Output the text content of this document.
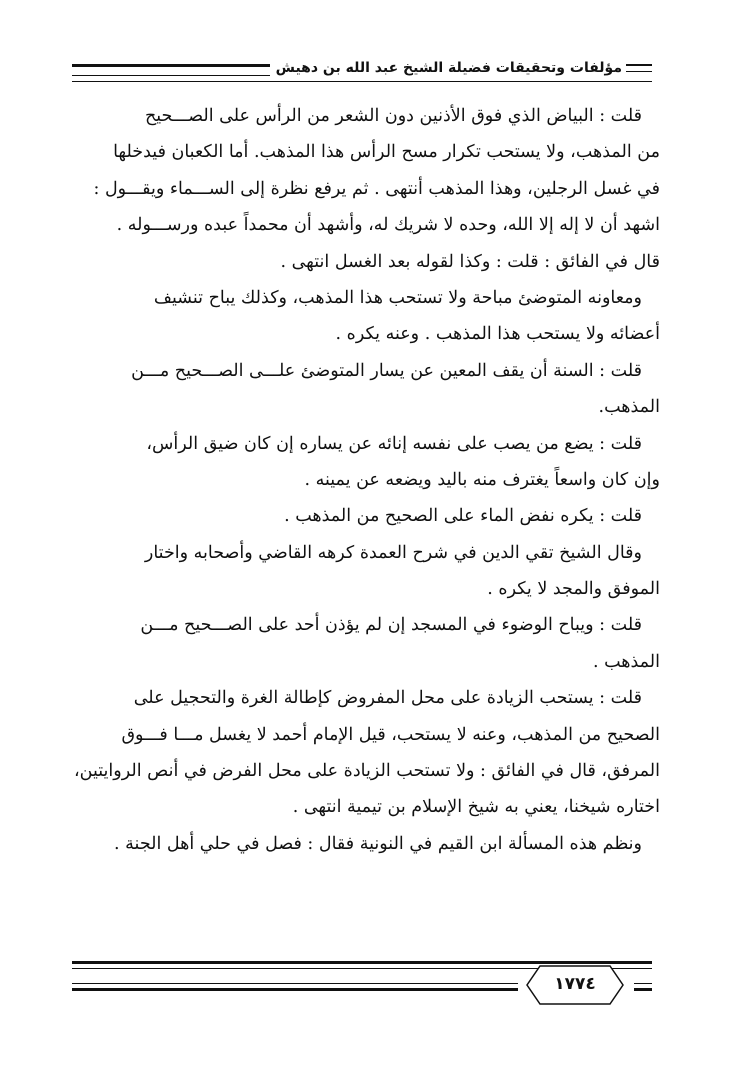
مؤلفات وتحقيقات فضيلة الشيخ عبد الله بن دهيش
قلت : البياض الذي فوق الأذنين دون الشعر من الرأس على الصـــحيح
من المذهب، ولا يستحب تكرار مسح الرأس هذا المذهب. أما الكعبان فيدخلها
في غسل الرجلين، وهذا المذهب أنتهى . ثم يرفع نظرة إلى الســـماء ويقـــول :
اشهد أن لا إله إلا الله، وحده لا شريك له، وأشهد أن محمداً عبده ورســـوله .
قال في الفائق : قلت : وكذا لقوله بعد الغسل انتهى .
ومعاونه المتوضئ مباحة ولا تستحب هذا المذهب، وكذلك يباح تنشيف
أعضائه ولا يستحب هذا المذهب . وعنه يكره .
قلت : السنة أن يقف المعين عن يسار المتوضئ علـــى الصـــحيح مـــن
المذهب.
قلت : يضع من يصب على نفسه إنائه عن يساره إن كان ضيق الرأس،
وإن كان واسعاً يغترف منه باليد ويضعه عن يمينه .
قلت : يكره نفض الماء على الصحيح من المذهب .
وقال الشيخ تقي الدين في شرح العمدة كرهه القاضي وأصحابه واختار
الموفق والمجد لا يكره .
قلت : ويباح الوضوء في المسجد إن لم يؤذن أحد على الصـــحيح مـــن
المذهب .
قلت : يستحب الزيادة على محل المفروض كإطالة الغرة والتحجيل على
الصحيح من المذهب، وعنه لا يستحب، قيل الإمام أحمد لا يغسل مـــا فـــوق
المرفق، قال في الفائق : ولا تستحب الزيادة على محل الفرض في أنص الروايتين،
اختاره شيخنا، يعني به شيخ الإسلام بن تيمية انتهى .
ونظم هذه المسألة ابن القيم في النونية فقال : فصل في حلي أهل الجنة .
١٧٧٤
